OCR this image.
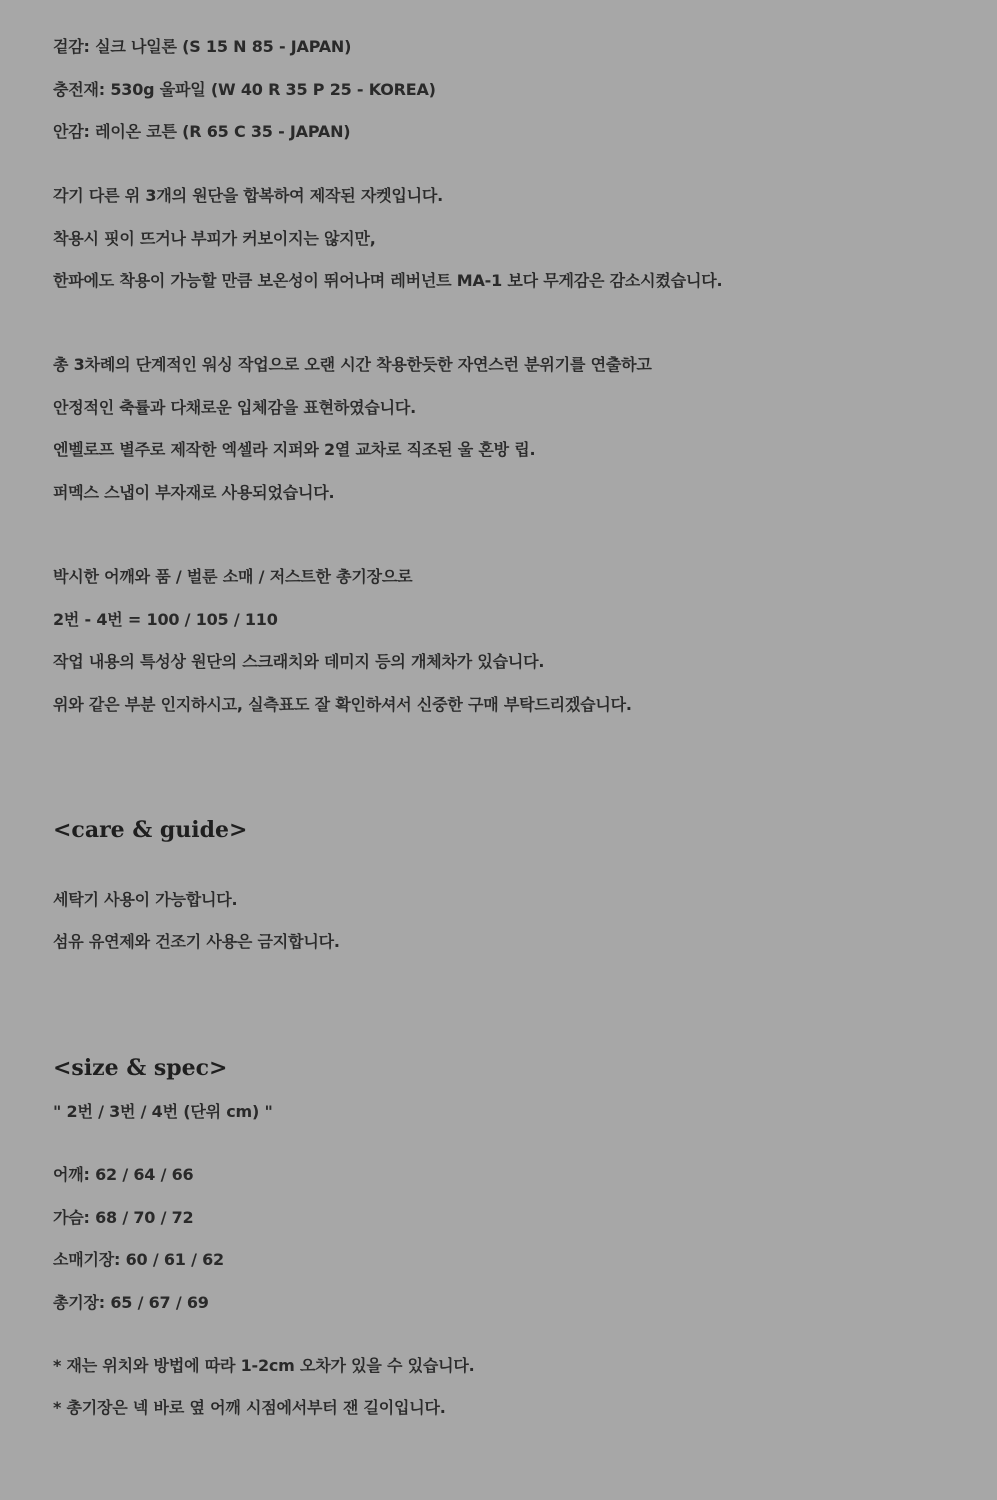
겉감: 실크 나일론 (S 15 N 85 - JAPAN)
충전재: 530g 울파일 (W 40 R 35 P 25 - KOREA)
안감: 레이온 코튼 (R 65 C 35 - JAPAN)
각기 다른 위 3개의 원단을 합복하여 제작된 자켓입니다.
착용시 핏이 뜨거나 부피가 커보이지는 않지만,
한파에도 착용이 가능할 만큼 보온성이 뛰어나며 레버넌트 MA-1 보다 무게감은 감소시켰습니다.
총 3차례의 단계적인 워싱 작업으로 오랜 시간 착용한듯한 자연스런 분위기를 연출하고
안정적인 축률과 다채로운 입체감을 표현하였습니다.
엔벨로프 별주로 제작한 엑셀라 지퍼와 2열 교차로 직조된 울 혼방 립.
퍼멕스 스냅이 부자재로 사용되었습니다.
박시한 어깨와 품 / 벌룬 소매 / 저스트한 총기장으로
2번 - 4번 = 100 / 105 / 110
작업 내용의 특성상 원단의 스크래치와 데미지 등의 개체차가 있습니다.
위와 같은 부분 인지하시고, 실측표도 잘 확인하셔서 신중한 구매 부탁드리겠습니다.
<care & guide>
세탁기 사용이 가능합니다.
섬유 유연제와 건조기 사용은 금지합니다.
<size & spec>
" 2번 / 3번 / 4번 (단위 cm) "
어깨: 62 / 64 / 66
가슴: 68 / 70 / 72
소매기장: 60 / 61 / 62
총기장: 65 / 67 / 69
* 재는 위치와 방법에 따라 1-2cm 오차가 있을 수 있습니다.
* 총기장은 넥 바로 옆 어깨 시점에서부터 잰 길이입니다.
